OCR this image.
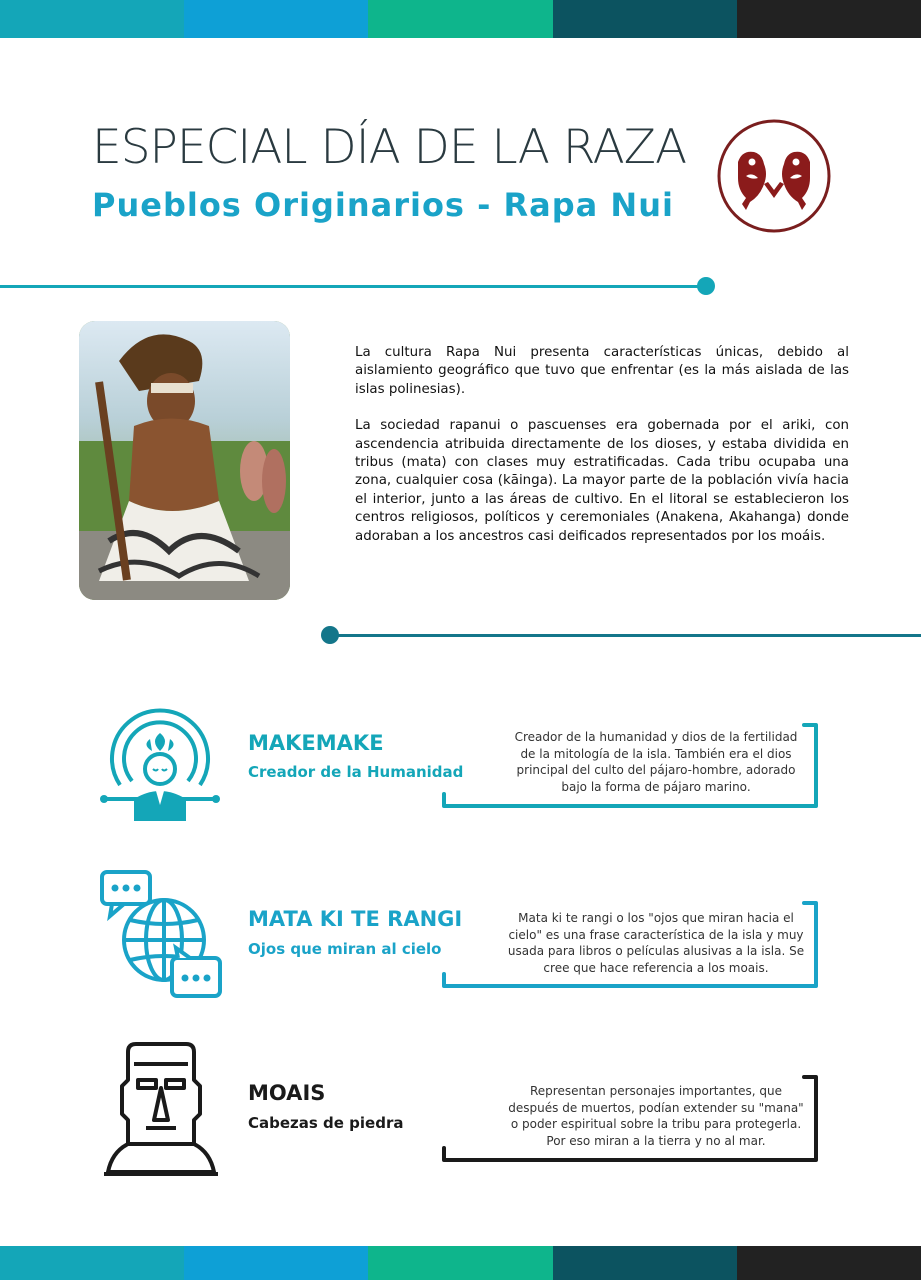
ESPECIAL DÍA DE LA RAZA
Pueblos Originarios - Rapa Nui

La cultura Rapa Nui presenta características únicas, debido al aislamiento geográfico que tuvo que enfrentar (es la más aislada de las islas polinesias).

La sociedad rapanui o pascuenses era gobernada por el ariki, con ascendencia atribuida directamente de los dioses, y estaba dividida en tribus (mata) con clases muy estratificadas. Cada tribu ocupaba una zona, cualquier cosa (kāinga). La mayor parte de la población vivía hacia el interior, junto a las áreas de cultivo. En el litoral se establecieron los centros religiosos, políticos y ceremoniales (Anakena, Akahanga) donde adoraban a los ancestros casi deificados representados por los moáis.

MAKEMAKE

Creador de la Humanidad

Creador de la humanidad y dios de la fertilidad de la mitología de la isla. También era el dios principal del culto del pájaro-hombre, adorado bajo la forma de pájaro marino.
MATA KI TE RANGI

Ojos que miran al cielo

Mata ki te rangi o los "ojos que miran hacia el cielo" es una frase característica de la isla y muy usada para libros o películas alusivas a la isla. Se cree que hace referencia a los moais.
MOAIS

Cabezas de piedra

Representan personajes importantes, que después de muertos, podían extender su "mana" o poder espiritual sobre la tribu para protegerla. Por eso miran a la tierra y no al mar.
